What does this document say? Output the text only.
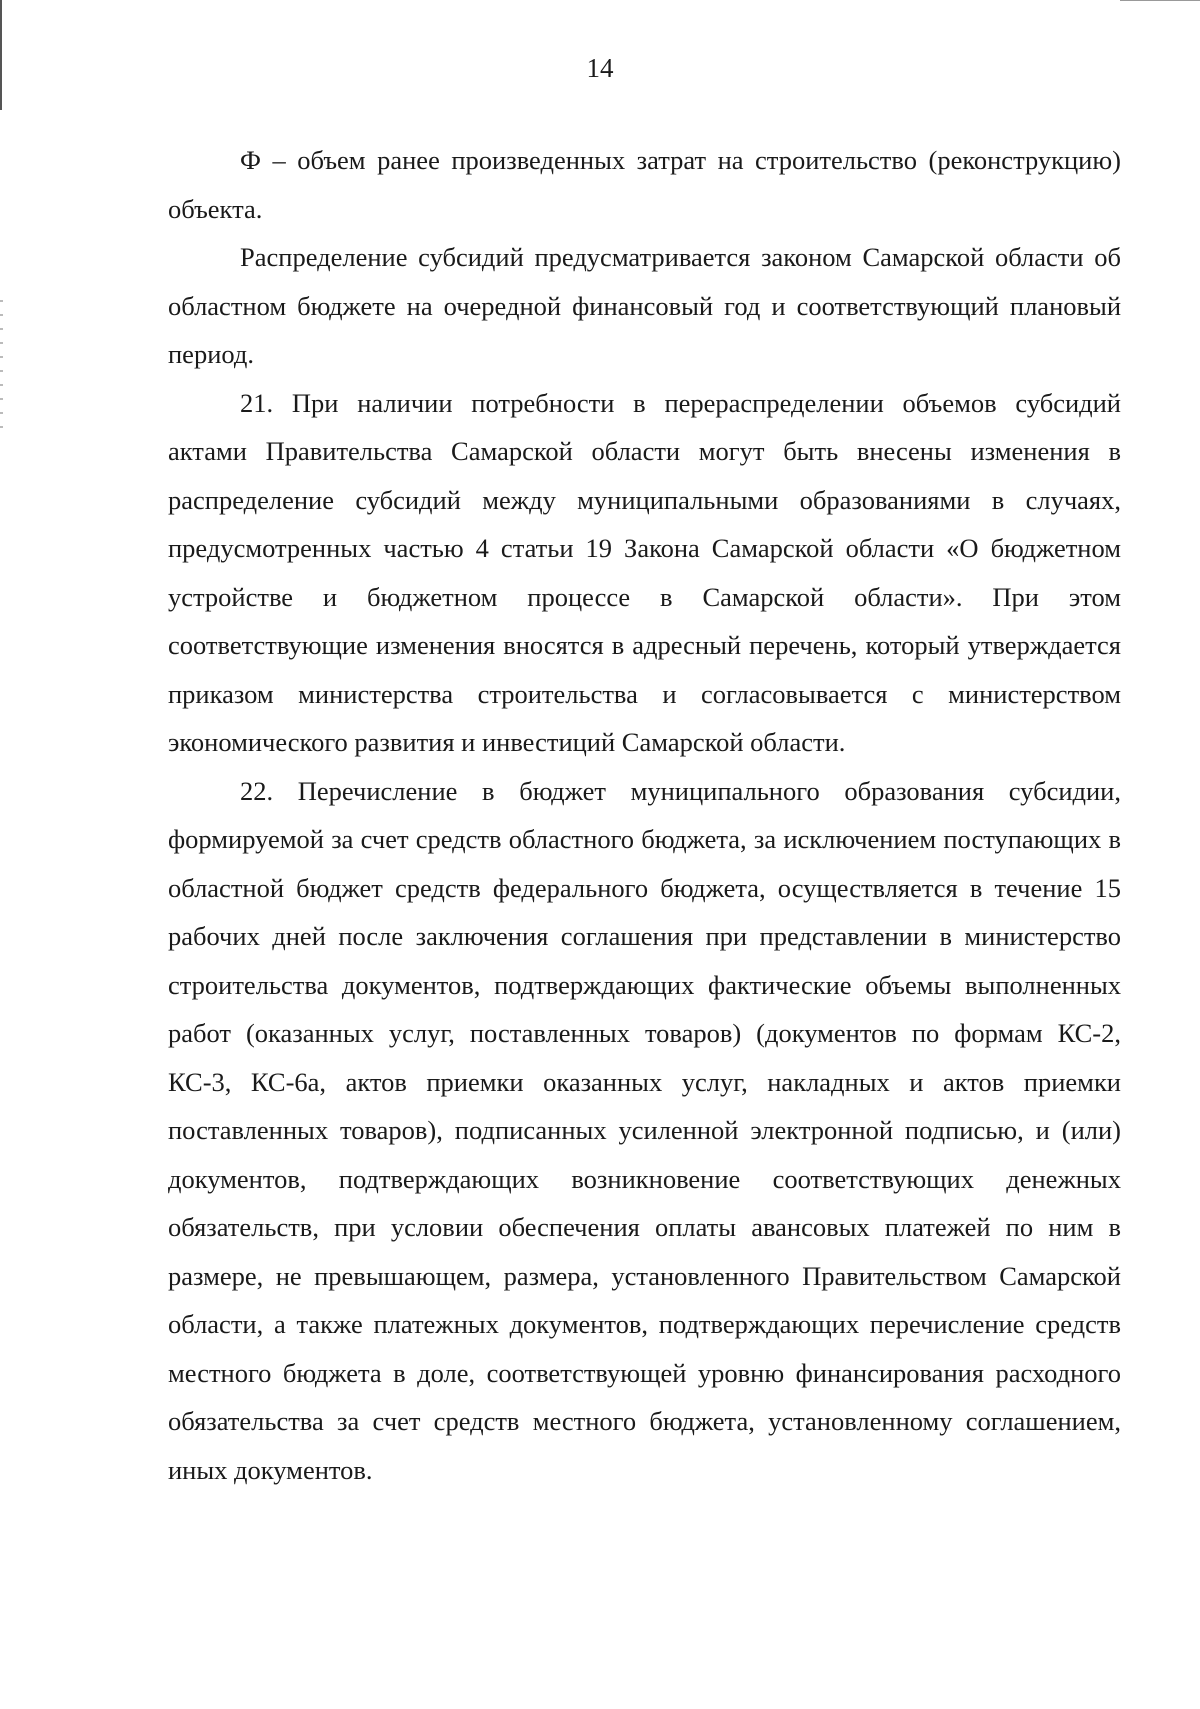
14

Ф – объем ранее произведенных затрат на строительство (реконструкцию) объекта.

Распределение субсидий предусматривается законом Самарской области об областном бюджете на очередной финансовый год и соответствующий плановый период.

21. При наличии потребности в перераспределении объемов субсидий актами Правительства Самарской области могут быть внесены изменения в распределение субсидий между муниципальными образованиями в случаях, предусмотренных частью 4 статьи 19 Закона Самарской области «О бюджетном устройстве и бюджетном процессе в Самарской области». При этом соответствующие изменения вносятся в адресный перечень, который утверждается приказом министерства строительства и согласовывается с министерством экономического развития и инвестиций Самарской области.

22. Перечисление в бюджет муниципального образования субсидии, формируемой за счет средств областного бюджета, за исключением поступающих в областной бюджет средств федерального бюджета, осуществляется в течение 15 рабочих дней после заключения соглашения при представлении в министерство строительства документов, подтверждающих фактические объемы выполненных работ (оказанных услуг, поставленных товаров) (документов по формам КС-2, КС-3, КС-6а, актов приемки оказанных услуг, накладных и актов приемки поставленных товаров), подписанных усиленной электронной подписью, и (или) документов, подтверждающих возникновение соответствующих денежных обязательств, при условии обеспечения оплаты авансовых платежей по ним в размере, не превышающем, размера, установленного Правительством Самарской области, а также платежных документов, подтверждающих перечисление средств местного бюджета в доле, соответствующей уровню финансирования расходного обязательства за счет средств местного бюджета, установленному соглашением, иных документов.
